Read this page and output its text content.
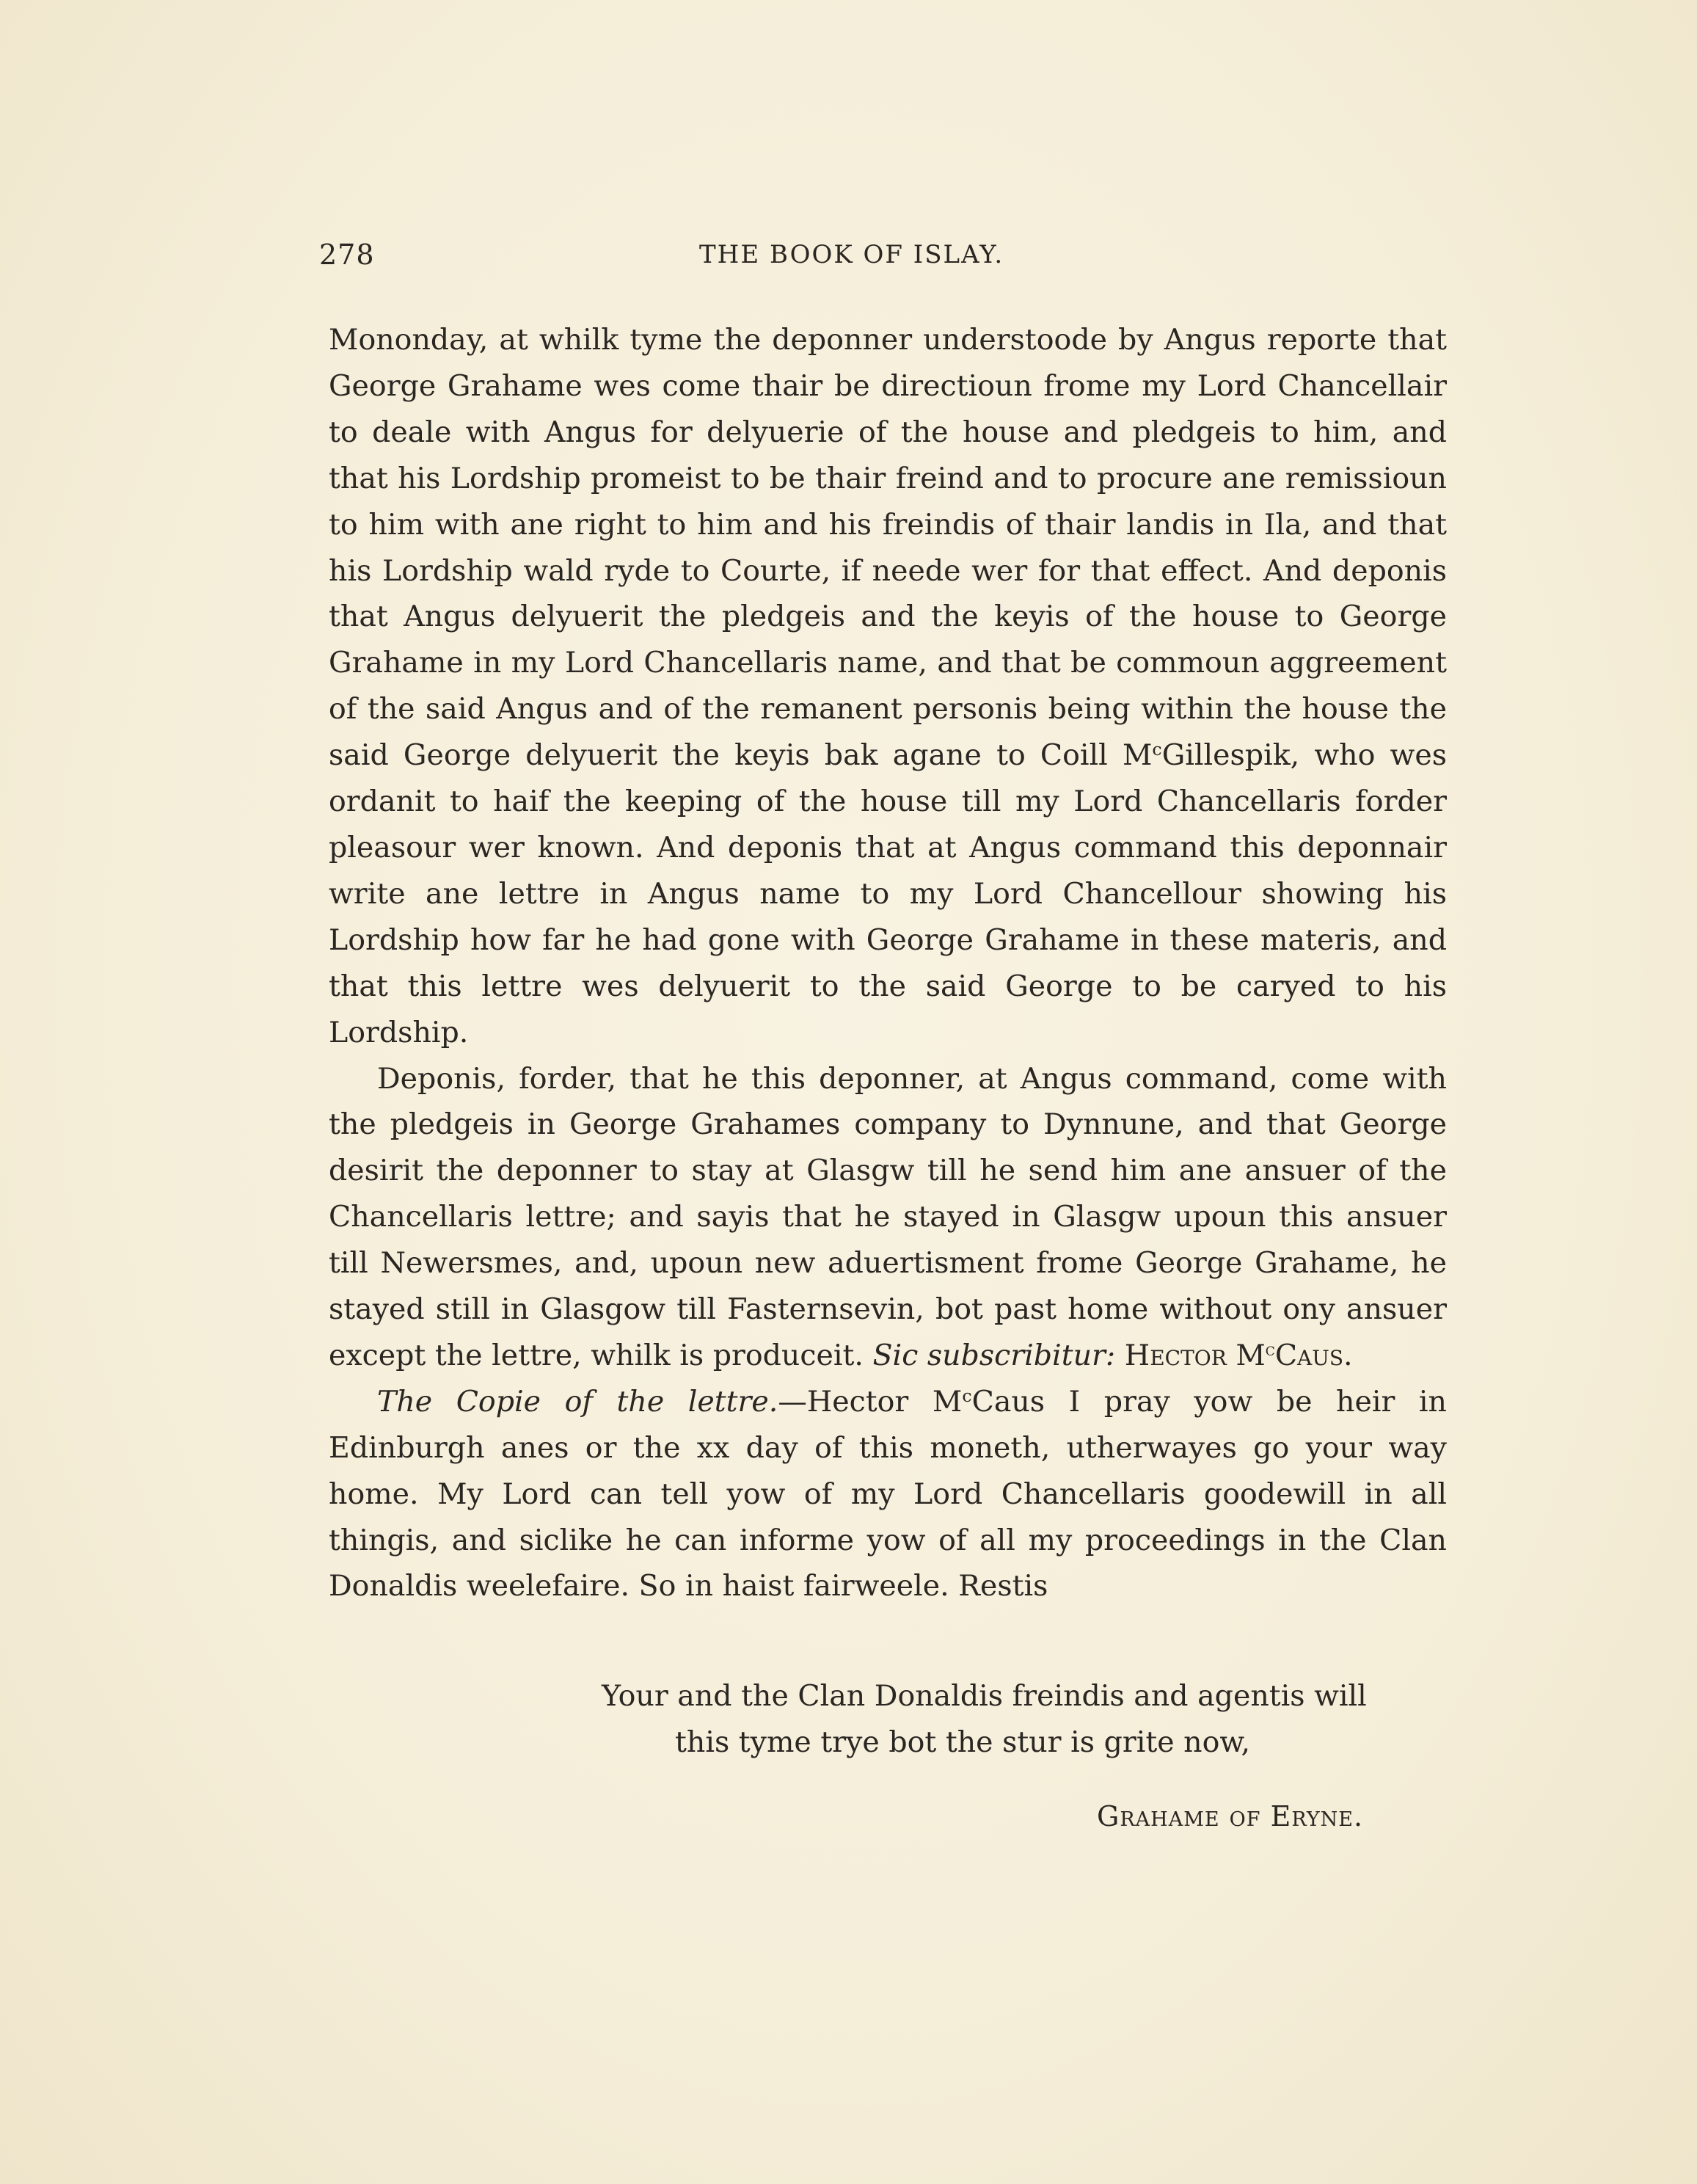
278	THE BOOK OF ISLAY.

Mononday, at whilk tyme the deponner understoode by Angus reporte that George Grahame wes come thair be directioun frome my Lord Chancellair to deale with Angus for delyuerie of the house and pledgeis to him, and that his Lordship promeist to be thair freind and to procure ane remissioun to him with ane right to him and his freindis of thair landis in Ila, and that his Lordship wald ryde to Courte, if neede wer for that effect. And deponis that Angus delyuerit the pledgeis and the keyis of the house to George Grahame in my Lord Chancellaris name, and that be commoun aggreement of the said Angus and of the remanent personis being within the house the said George delyuerit the keyis bak agane to Coill $M^cGillespik$, who wes ordanit to haif the keeping of the house till my Lord Chancellaris forder pleasour wer known. And deponis that at Angus command this deponnair write ane lettre in Angus name to my Lord Chancellour showing his Lordship how far he had gone with George Grahame in these materis, and that this lettre wes delyuerit to the said George to be caryed to his Lordship.

Deponis, forder, that he this deponner, at Angus command, come with the pledgeis in George Grahames company to Dynnune, and that George desirit the deponner to stay at Glasgw till he send him ane ansuer of the Chancellaris lettre; and sayis that he stayed in Glasgw upoun this ansuer till Newersmes, and, upoun new aduertisment frome George Grahame, he stayed still in Glasgow till Fasternsevin, bot past home without ony ansuer except the lettre, whilk is produceit. Sic subscribitur: Hector $M^cCaus$.

The Copie of the lettre.—Hector $M^cCaus$ I pray yow be heir in Edinburgh anes or the xx day of this moneth, utherwayes go your way home. My Lord can tell yow of my Lord Chancellaris goodewill in all thingis, and siclike he can informe yow of all my proceedings in the Clan Donaldis weelefaire. So in haist fairweele. Restis

Your and the Clan Donaldis freindis and agentis will
this tyme trye bot the stur is grite now,
Grahame of Eryne.
